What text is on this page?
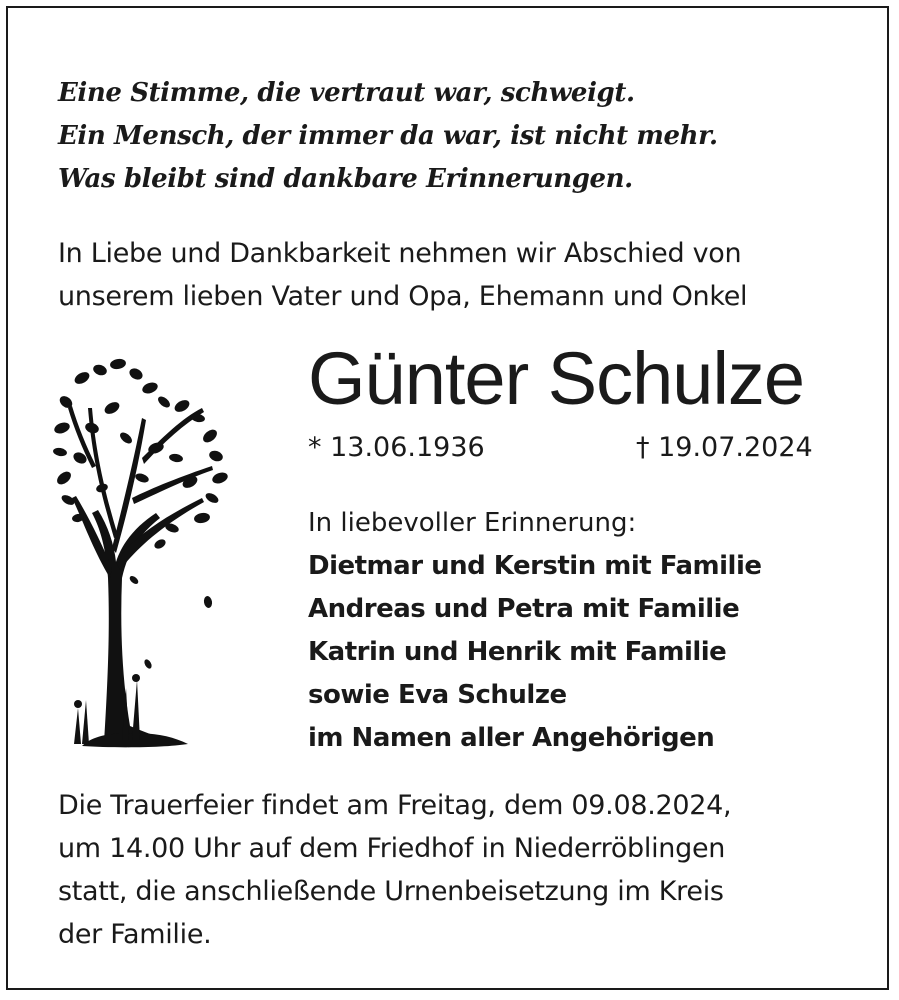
Eine Stimme, die vertraut war, schweigt.
Ein Mensch, der immer da war, ist nicht mehr.
Was bleibt sind dankbare Erinnerungen.
In Liebe und Dankbarkeit nehmen wir Abschied von
unserem lieben Vater und Opa, Ehemann und Onkel
Günter Schulze
* 13.06.1936	† 19.07.2024
In liebevoller Erinnerung:
Dietmar und Kerstin mit Familie
Andreas und Petra mit Familie
Katrin und Henrik mit Familie
sowie Eva Schulze
im Namen aller Angehörigen
Die Trauerfeier findet am Freitag, dem 09.08.2024,
um 14.00 Uhr auf dem Friedhof in Niederröblingen
statt, die anschließende Urnenbeisetzung im Kreis
der Familie.
